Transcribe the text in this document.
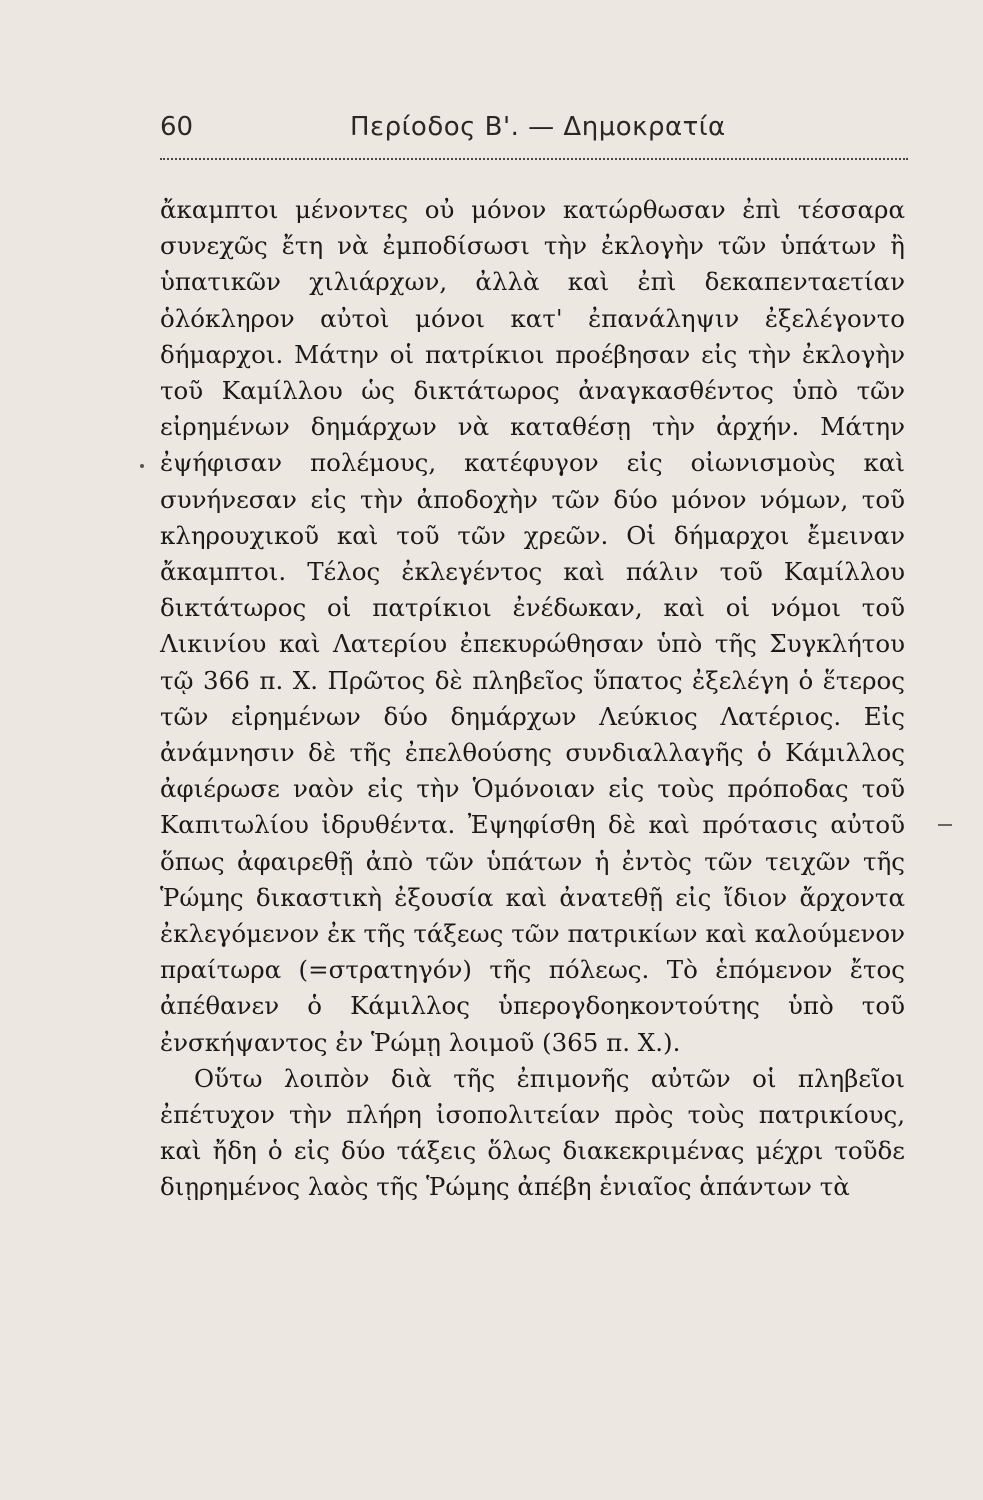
60	Περίοδος Β'. — Δημοκρατία

ἄκαμπτοι μένοντες οὐ μόνον κατώρθωσαν ἐπὶ τέσσαρα συνεχῶς ἔτη νὰ ἐμποδίσωσι τὴν ἐκλογὴν τῶν ὑπάτων ἢ ὑπατικῶν χιλιάρχων, ἀλλὰ καὶ ἐπὶ δεκαπενταετίαν ὁλόκληρον αὐτοὶ μόνοι κατ' ἐπανάληψιν ἐξελέγοντο δήμαρχοι. Μάτην οἱ πατρίκιοι προέβησαν εἰς τὴν ἐκλογὴν τοῦ Καμίλλου ὡς δικτάτωρος ἀναγκασθέντος ὑπὸ τῶν εἰρημένων δημάρχων νὰ καταθέσῃ τὴν ἀρχήν. Μάτην ἐψήφισαν πολέμους, κατέφυγον εἰς οἰωνισμοὺς καὶ συνήνεσαν εἰς τὴν ἀποδοχὴν τῶν δύο μόνον νόμων, τοῦ κληρουχικοῦ καὶ τοῦ τῶν χρεῶν. Οἱ δήμαρχοι ἔμειναν ἄκαμπτοι. Τέλος ἐκλεγέντος καὶ πάλιν τοῦ Καμίλλου δικτάτωρος οἱ πατρίκιοι ἐνέδωκαν, καὶ οἱ νόμοι τοῦ Λικινίου καὶ Λατερίου ἐπεκυρώθησαν ὑπὸ τῆς Συγκλήτου τῷ 366 π. Χ. Πρῶτος δὲ πληβεῖος ὕπατος ἐξελέγη ὁ ἕτερος τῶν εἰρημένων δύο δημάρχων Λεύκιος Λατέριος. Εἰς ἀνάμνησιν δὲ τῆς ἐπελθούσης συνδιαλλαγῆς ὁ Κάμιλλος ἀφιέρωσε ναὸν εἰς τὴν Ὁμόνοιαν εἰς τοὺς πρόποδας τοῦ Καπιτωλίου ἱδρυθέντα. Ἐψηφίσθη δὲ καὶ πρότασις αὐτοῦ ὅπως ἀφαιρεθῇ ἀπὸ τῶν ὑπάτων ἡ ἐντὸς τῶν τειχῶν τῆς Ῥώμης δικαστικὴ ἐξουσία καὶ ἀνατεθῇ εἰς ἴδιον ἄρχοντα ἐκλεγόμενον ἐκ τῆς τάξεως τῶν πατρικίων καὶ καλούμενον πραίτωρα (=στρατηγόν) τῆς πόλεως. Τὸ ἑπόμενον ἔτος ἀπέθανεν ὁ Κάμιλλος ὑπερογδοηκοντούτης ὑπὸ τοῦ ἐνσκήψαντος ἐν Ῥώμῃ λοιμοῦ (365 π. Χ.).

Οὕτω λοιπὸν διὰ τῆς ἐπιμονῆς αὐτῶν οἱ πληβεῖοι ἐπέτυχον τὴν πλήρη ἰσοπολιτείαν πρὸς τοὺς πατρικίους, καὶ ἤδη ὁ εἰς δύο τάξεις ὅλως διακεκριμένας μέχρι τοῦδε διῃρημένος λαὸς τῆς Ῥώμης ἀπέβη ἑνιαῖος ἁπάντων τὰ
